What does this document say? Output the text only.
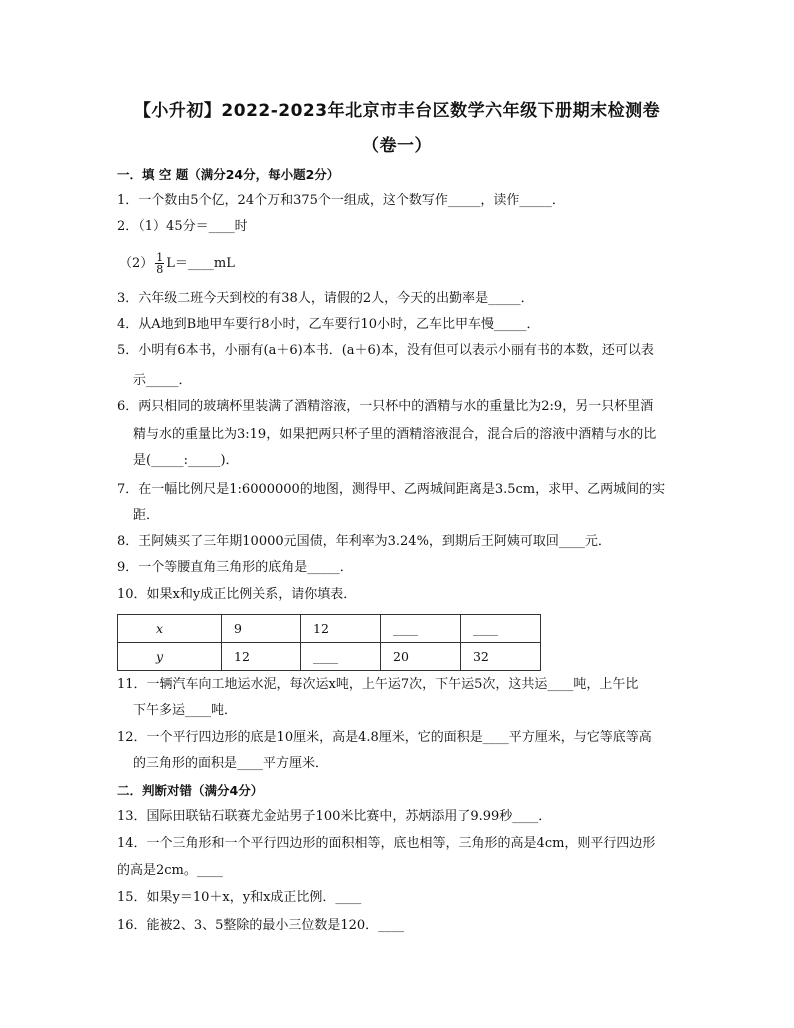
【小升初】2022-2023年北京市丰台区数学六年级下册期末检测卷
（卷一）
一．填 空 题（满分24分，每小题2分）
1．一个数由5个亿，24个万和375个一组成，这个数写作_____，读作_____．
2．（1）45分＝____时
$(2) \frac{1}{8}$ L＝____mL
3．六年级二班今天到校的有38人，请假的2人，今天的出勤率是_____．
4．从A地到B地甲车要行8小时，乙车要行10小时，乙车比甲车慢_____．
5．小明有6本书，小丽有(a＋6)本书．(a＋6)本，没有但可以表示小丽有书的本数，还可以表
示_____．
6．两只相同的玻璃杯里装满了酒精溶液，一只杯中的酒精与水的重量比为2:9，另一只杯里酒
精与水的重量比为3:19，如果把两只杯子里的酒精溶液混合，混合后的溶液中酒精与水的比
是(_____:_____)．
7．在一幅比例尺是1:6000000的地图，测得甲、乙两城间距离是3.5cm，求甲、乙两城间的实
距．
8．王阿姨买了三年期10000元国债，年利率为3.24%，到期后王阿姨可取回____元．
9．一个等腰直角三角形的底角是_____．
10．如果x和y成正比例关系，请你填表．
x	9	12	____	____
y	12	____	20	32
11．一辆汽车向工地运水泥，每次运x吨，上午运7次，下午运5次，这共运____吨，上午比
下午多运____吨．
12．一个平行四边形的底是10厘米，高是4.8厘米，它的面积是____平方厘米，与它等底等高
的三角形的面积是____平方厘米．
二．判断对错（满分4分）
13．国际田联钻石联赛尤金站男子100米比赛中，苏炳添用了9.99秒____．
14．一个三角形和一个平行四边形的面积相等，底也相等，三角形的高是4cm，则平行四边形
的高是2cm。____
15．如果y＝10＋x，y和x成正比例．____
16．能被2、3、5整除的最小三位数是120．____
